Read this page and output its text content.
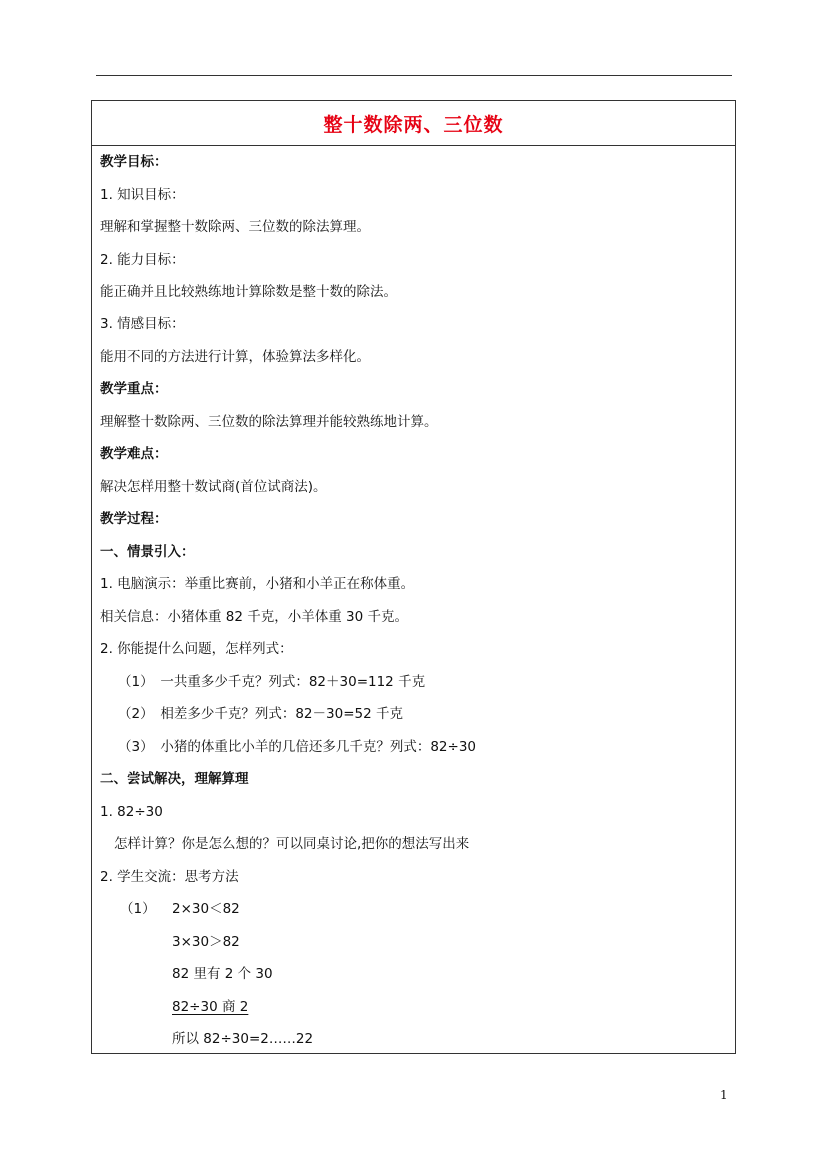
整十数除两、三位数
教学目标：
1. 知识目标：
理解和掌握整十数除两、三位数的除法算理。
2. 能力目标：
能正确并且比较熟练地计算除数是整十数的除法。
3. 情感目标：
能用不同的方法进行计算，体验算法多样化。
教学重点：
理解整十数除两、三位数的除法算理并能较熟练地计算。
教学难点：
解决怎样用整十数试商(首位试商法)。
教学过程：
一、情景引入：
1. 电脑演示：举重比赛前，小猪和小羊正在称体重。
相关信息：小猪体重 82 千克，小羊体重 30 千克。
2. 你能提什么问题，怎样列式：
（1）　一共重多少千克？列式：82＋30=112 千克
（2）　相差多少千克？列式：82－30=52 千克
（3）　小猪的体重比小羊的几倍还多几千克？列式：82÷30
二、尝试解决，理解算理
1. 82÷30
怎样计算？你是怎么想的？可以同桌讨论,把你的想法写出来
2. 学生交流：思考方法
（1） 2×30＜82
3×30＞82
82 里有 2 个 30
82÷30 商 2
所以 82÷30=2……22
1
